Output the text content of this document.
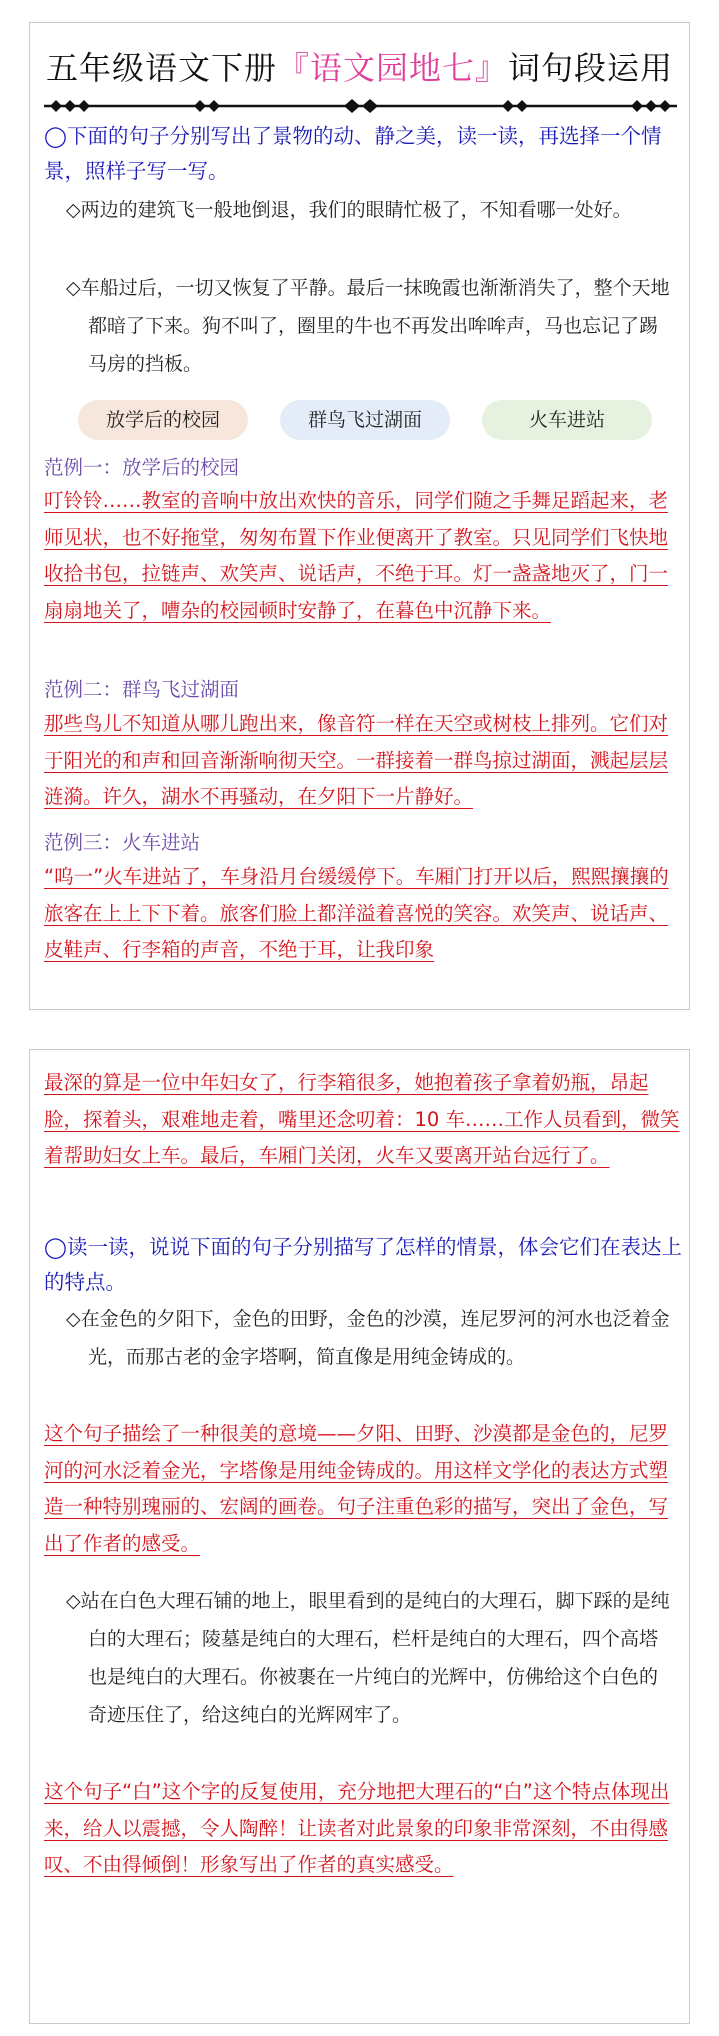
五年级语文下册『语文园地七』词句段运用
◯下面的句子分别写出了景物的动、静之美，读一读，再选择一个情景，照样子写一写。
◇两边的建筑飞一般地倒退，我们的眼睛忙极了，不知看哪一处好。
◇车船过后，一切又恢复了平静。最后一抹晚霞也渐渐消失了，整个天地都暗了下来。狗不叫了，圈里的牛也不再发出哞哞声，马也忘记了踢马房的挡板。
放学后的校园	群鸟飞过湖面	火车进站
范例一：放学后的校园
叮铃铃……教室的音响中放出欢快的音乐，同学们随之手舞足蹈起来，老师见状，也不好拖堂，匆匆布置下作业便离开了教室。只见同学们飞快地收拾书包，拉链声、欢笑声、说话声，不绝于耳。灯一盏盏地灭了，门一扇扇地关了，嘈杂的校园顿时安静了，在暮色中沉静下来。
范例二：群鸟飞过湖面
那些鸟儿不知道从哪儿跑出来，像音符一样在天空或树枝上排列。它们对于阳光的和声和回音渐渐响彻天空。一群接着一群鸟掠过湖面，溅起层层涟漪。许久，湖水不再骚动，在夕阳下一片静好。
范例三：火车进站
“呜一”火车进站了，车身沿月台缓缓停下。车厢门打开以后，熙熙攘攘的旅客在上上下下着。旅客们脸上都洋溢着喜悦的笑容。欢笑声、说话声、皮鞋声、行李箱的声音，不绝于耳，让我印象
最深的算是一位中年妇女了，行李箱很多，她抱着孩子拿着奶瓶，昂起脸，探着头，艰难地走着，嘴里还念叨着：10 车……工作人员看到，微笑着帮助妇女上车。最后，车厢门关闭，火车又要离开站台远行了。
◯读一读，说说下面的句子分别描写了怎样的情景，体会它们在表达上的特点。
◇在金色的夕阳下，金色的田野，金色的沙漠，连尼罗河的河水也泛着金光，而那古老的金字塔啊，简直像是用纯金铸成的。
这个句子描绘了一种很美的意境——夕阳、田野、沙漠都是金色的，尼罗河的河水泛着金光，字塔像是用纯金铸成的。用这样文学化的表达方式塑造一种特别瑰丽的、宏阔的画卷。句子注重色彩的描写，突出了金色，写出了作者的感受。
◇站在白色大理石铺的地上，眼里看到的是纯白的大理石，脚下踩的是纯白的大理石；陵墓是纯白的大理石，栏杆是纯白的大理石，四个高塔也是纯白的大理石。你被裹在一片纯白的光辉中，仿佛给这个白色的奇迹压住了，给这纯白的光辉网牢了。
这个句子“白”这个字的反复使用，充分地把大理石的“白”这个特点体现出来，给人以震撼，令人陶醉！让读者对此景象的印象非常深刻，不由得感叹、不由得倾倒！形象写出了作者的真实感受。
